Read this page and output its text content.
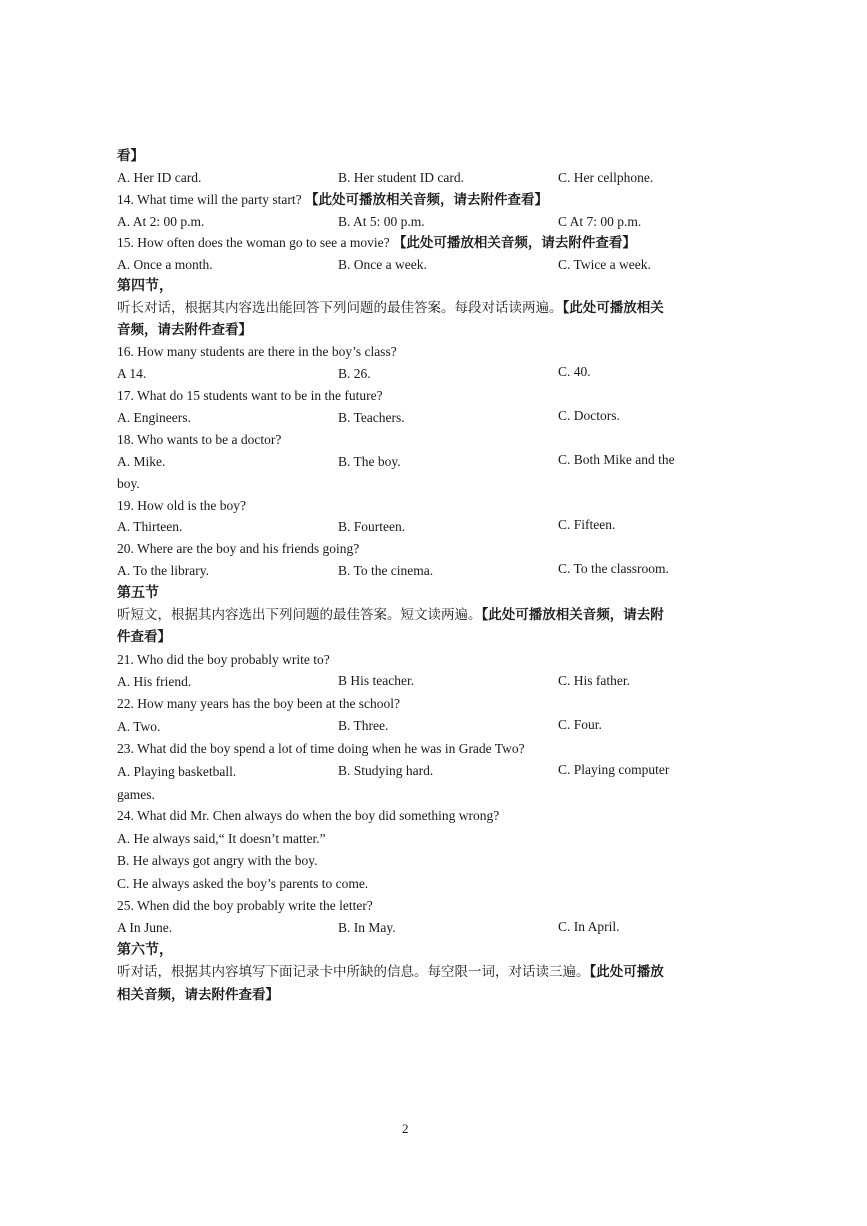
看】
A. Her ID card.	B. Her student ID card.	C. Her cellphone.
14. What time will the party start? 【此处可播放相关音频，请去附件查看】
A. At 2: 00 p.m.	B. At 5: 00 p.m.	C At 7: 00 p.m.
15. How often does the woman go to see a movie? 【此处可播放相关音频，请去附件查看】
A. Once a month.	B. Once a week.	C. Twice a week.
第四节，
听长对话，根据其内容选出能回答下列问题的最佳答案。每段对话读两遍。【此处可播放相关
音频，请去附件查看】
16. How many students are there in the boy’s class?
A 14.	B. 26.	C. 40.
17. What do 15 students want to be in the future?
A. Engineers.	B. Teachers.	C. Doctors.
18. Who wants to be a doctor?
A. Mike.	B. The boy.	C. Both Mike and the
boy.
19. How old is the boy?
A. Thirteen.	B. Fourteen.	C. Fifteen.
20. Where are the boy and his friends going?
A. To the library.	B. To the cinema.	C. To the classroom.
第五节
听短文，根据其内容选出下列问题的最佳答案。短文读两遍。【此处可播放相关音频，请去附
件查看】
21. Who did the boy probably write to?
A. His friend.	B His teacher.	C. His father.
22. How many years has the boy been at the school?
A. Two.	B. Three.	C. Four.
23. What did the boy spend a lot of time doing when he was in Grade Two?
A. Playing basketball.	B. Studying hard.	C. Playing computer
games.
24. What did Mr. Chen always do when the boy did something wrong?
A. He always said,“ It doesn’t matter.”
B. He always got angry with the boy.
C. He always asked the boy’s parents to come.
25. When did the boy probably write the letter?
A In June.	B. In May.	C. In April.
第六节，
听对话，根据其内容填写下面记录卡中所缺的信息。每空限一词，对话读三遍。【此处可播放
相关音频，请去附件查看】
2
